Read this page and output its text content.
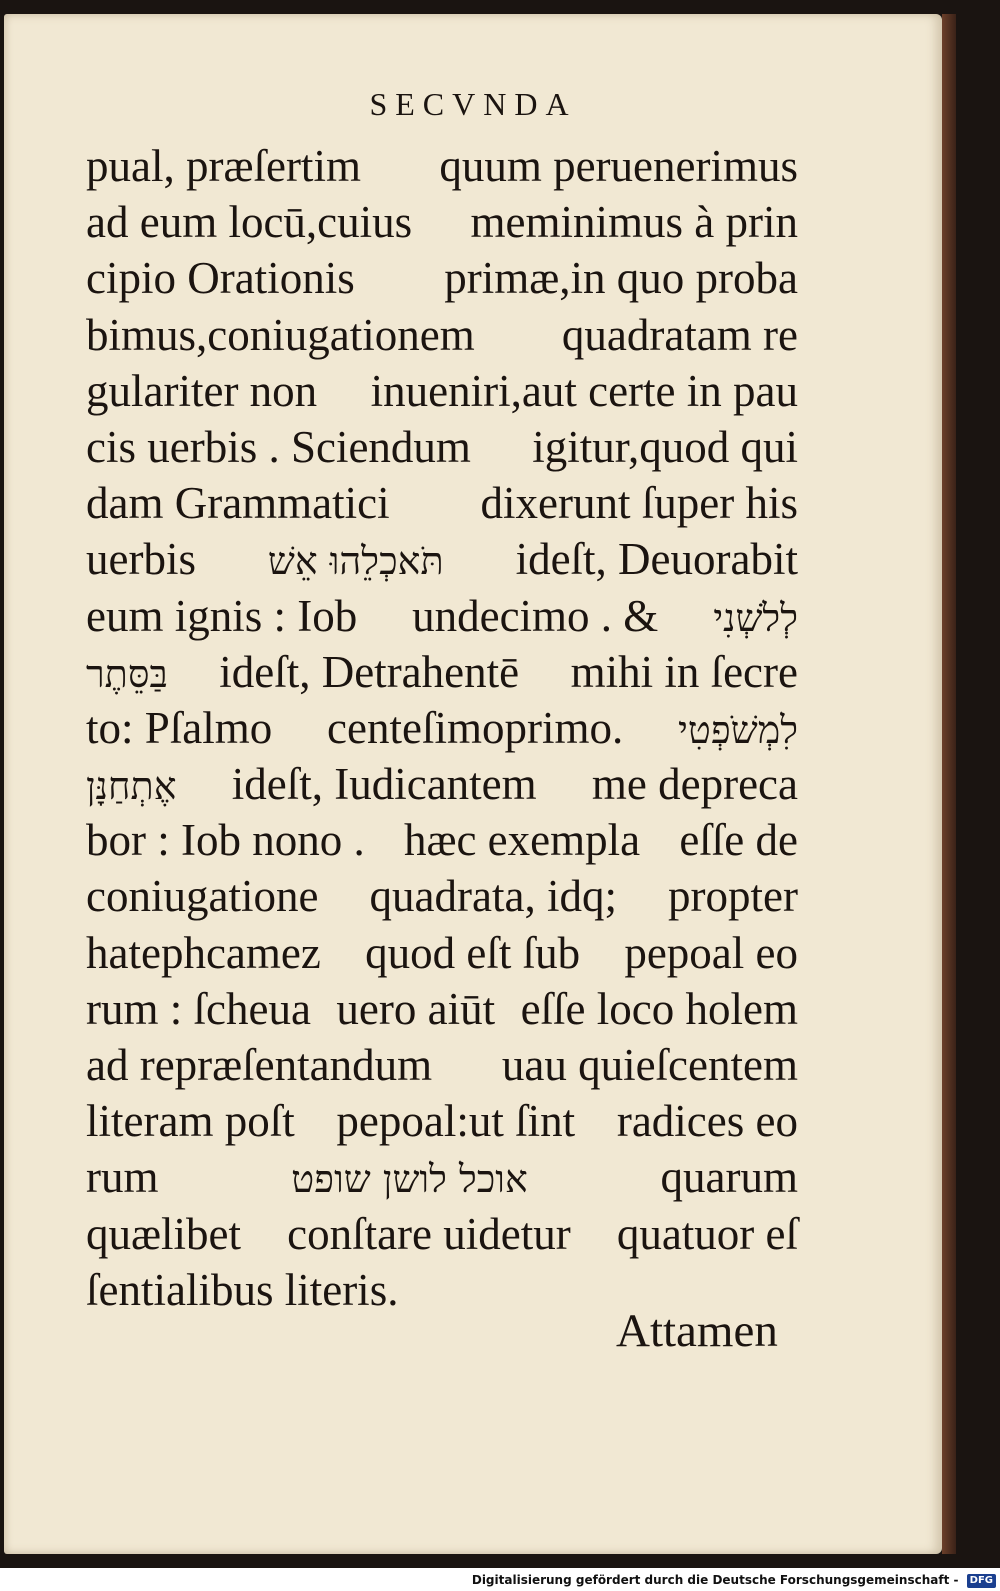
SECVNDA
pual, præſertim quum peruenerimus
ad eum locū,cuius meminimus à prin
cipio Orationis primæ,in quo proba
bimus,coniugationem quadratam re
gulariter non inueniri,aut certe in pau
cis uerbis . Sciendum igitur,quod qui
dam Grammatici dixerunt ſuper his
uerbis תֹּאכְלֵהוּ אֵשׁ ideſt, Deuorabit
eum ignis : Iob undecimo . & לְלֹשְׁנִי
בַּסֵּתֶר ideſt, Detrahentē mihi in ſecre
to: Pſalmo centeſimoprimo. לִמְשֹׁפְטִי
אֶתְחַנָּן ideſt, Iudicantem me depreca
bor : Iob nono . hæc exempla eſſe de
coniugatione quadrata, idq; propter
hatephcamez quod eſt ſub pepoal eo
rum : ſcheua uero aiūt eſſe loco holem
ad repræſentandum uau quieſcentem
literam poſt pepoal:ut ſint radices eo
rum	אוכל לושן שופט	quarum
quælibet conſtare uidetur quatuor eſ
ſentialibus literis.
Attamen
Digitalisierung gefördert durch die Deutsche Forschungsgemeinschaft - DFG
